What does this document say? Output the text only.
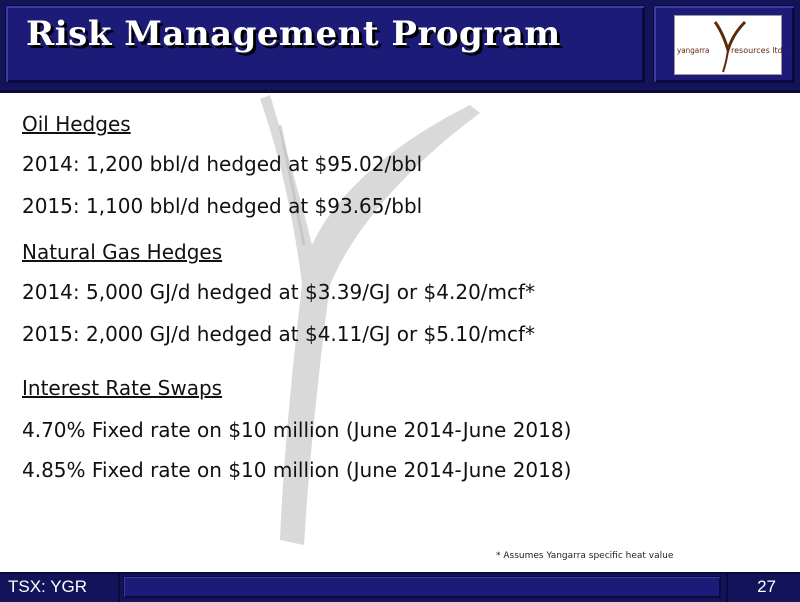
Risk Management Program	yangarra	resources ltd.
Oil Hedges
2014: 1,200 bbl/d hedged at $95.02/bbl
2015: 1,100 bbl/d hedged at $93.65/bbl
Natural Gas Hedges
2014: 5,000 GJ/d hedged at $3.39/GJ or $4.20/mcf*
2015: 2,000 GJ/d hedged at $4.11/GJ or $5.10/mcf*
Interest Rate Swaps
4.70% Fixed rate on $10 million (June 2014-June 2018)
4.85% Fixed rate on $10 million (June 2014-June 2018)
* Assumes Yangarra specific heat value
TSX: YGR	27
